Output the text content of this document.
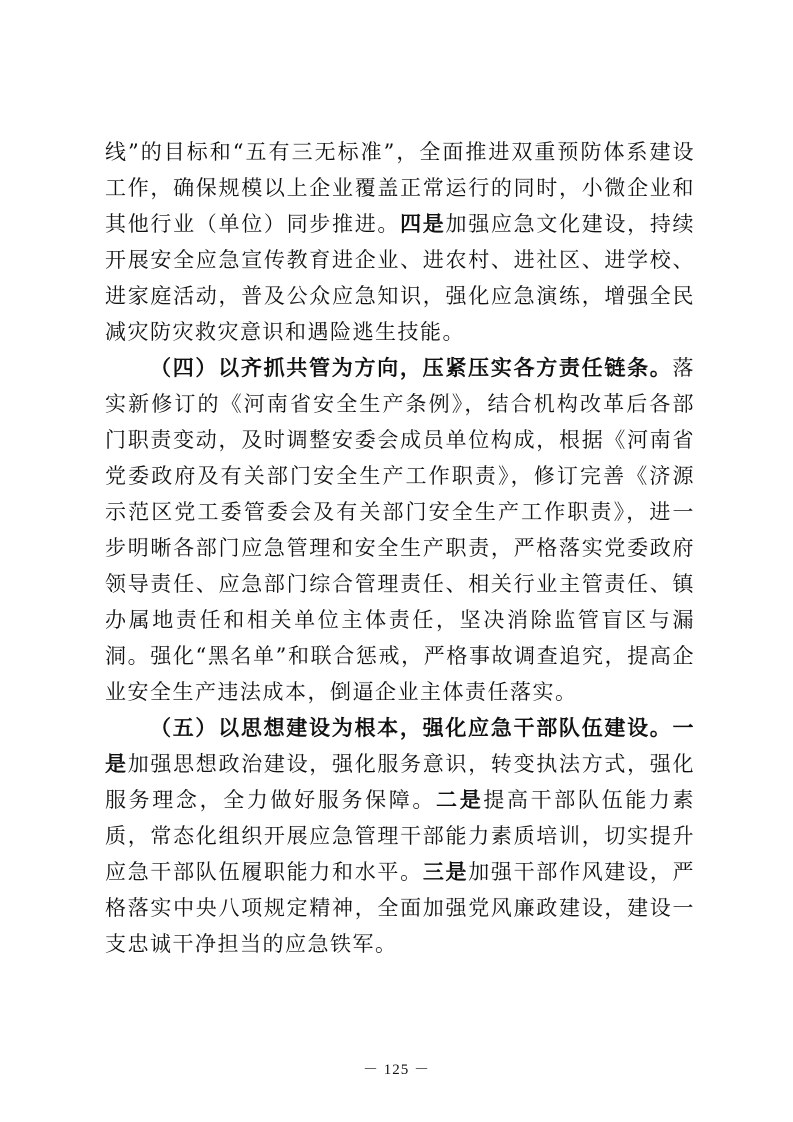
线”的目标和“五有三无标准”，全面推进双重预防体系建设工作，确保规模以上企业覆盖正常运行的同时，小微企业和其他行业（单位）同步推进。四是加强应急文化建设，持续开展安全应急宣传教育进企业、进农村、进社区、进学校、进家庭活动，普及公众应急知识，强化应急演练，增强全民减灾防灾救灾意识和遇险逃生技能。

（四）以齐抓共管为方向，压紧压实各方责任链条。落实新修订的《河南省安全生产条例》，结合机构改革后各部门职责变动，及时调整安委会成员单位构成，根据《河南省党委政府及有关部门安全生产工作职责》，修订完善《济源示范区党工委管委会及有关部门安全生产工作职责》，进一步明晰各部门应急管理和安全生产职责，严格落实党委政府领导责任、应急部门综合管理责任、相关行业主管责任、镇办属地责任和相关单位主体责任，坚决消除监管盲区与漏洞。强化“黑名单”和联合惩戒，严格事故调查追究，提高企业安全生产违法成本，倒逼企业主体责任落实。

（五）以思想建设为根本，强化应急干部队伍建设。一是加强思想政治建设，强化服务意识，转变执法方式，强化服务理念，全力做好服务保障。二是提高干部队伍能力素质，常态化组织开展应急管理干部能力素质培训，切实提升应急干部队伍履职能力和水平。三是加强干部作风建设，严格落实中央八项规定精神，全面加强党风廉政建设，建设一支忠诚干净担当的应急铁军。

－ 125 －
